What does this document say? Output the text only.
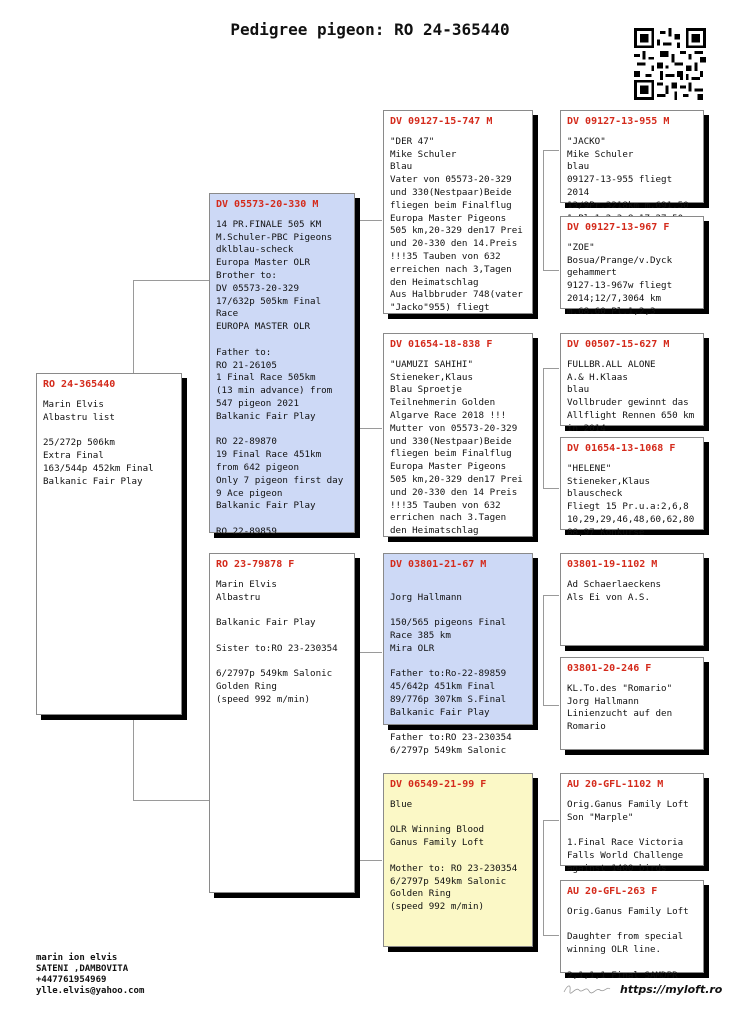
Pedigree pigeon: RO 24-365440
RO 24-365440
Marin Elvis
Albastru list

25/272p 506km
Extra Final
163/544p 452km Final
Balkanic Fair Play
DV 05573-20-330 M
14 PR.FINALE 505 KM
M.Schuler-PBC Pigeons
dklblau-scheck
Europa Master OLR
Brother to:
DV 05573-20-329
17/632p 505km Final Race
EUROPA MASTER OLR

Father to:
RO 21-26105
1 Final Race 505km
(13 min advance) from
547 pigeon 2021
Balkanic Fair Play

RO 22-89870
19 Final Race 451km
from 642 pigeon
Only 7 pigeon first day
9 Ace pigeon
Balkanic Fair Play

RO 22-89859
RO 23-79878 F
Marin Elvis
Albastru

Balkanic Fair Play

Sister to:RO 23-230354

6/2797p 549km Salonic
Golden Ring
(speed 992 m/min)
DV 09127-15-747 M
"DER 47"
Mike Schuler
Blau
Vater von 05573-20-329
und 330(Nestpaar)Beide
fliegen beim Finalflug
Europa Master Pigeons
505 km,20-329 den17 Prei
und 20-330 den 14.Preis
!!!35 Tauben von 632
erreichen nach 3,Tagen
den Heimatschlag
Aus Halbbruder 748(vater
"Jacko"955) fliegt
DV 01654-18-838 F
"UAMUZI SAHIHI"
Stieneker,Klaus
Blau Sproetje
Teilnehmerin Golden
Algarve Race 2018 !!!
Mutter von 05573-20-329
und 330(Nestpaar)Beide
fliegen beim Finalflug
Europa Master Pigeons
505 km,20-329 den17 Prei
und 20-330 den 14 Preis
!!!35 Tauben von 632
errichen nach 3.Tagen
den Heimatschlag
DV 03801-21-67 M

Jorg Hallmann

150/565 pigeons Final
Race 385 km
Mira OLR

Father to:Ro-22-89859
45/642p 451km Final
89/776p 307km S.Final
Balkanic Fair Play

Father to:RO 23-230354
6/2797p 549km Salonic
DV 06549-21-99 F
Blue

OLR Winning Blood
Ganus Family Loft

Mother to: RO 23-230354
6/2797p 549km Salonic
Golden Ring
(speed 992 m/min)
DV 09127-13-955 M
"JACKO"
Mike Schuler
blau
09127-13-955 fliegt 2014
13/9Pr.3218km m.691.50

DV 09127-13-967 F
"ZOE"
Bosua/Prange/v.Dyck
gehammert
9127-13-967w fliegt
2014;12/7,3064 km
m.68.60 Pl.1,2,3
DV 00507-15-627 M
FULLBR.ALL ALONE
A.& H.Klaas
blau
Vollbruder gewinnt das
Allflight Rennen 650 km
in 2014
DV 01654-13-1068 F
"HELENE"
Stieneker,Klaus
blauscheck
Fliegt 15 Pr.u.a:2,6,8
10,29,29,46,48,60,62,80
88,97 Konkurse
03801-19-1102 M
Ad Schaerlaeckens
Als Ei von A.S.
03801-20-246 F
KL.To.des "Romario"
Jorg Hallmann
Linienzucht auf den
Romario
AU 20-GFL-1102 M
Orig.Ganus Family Loft
Son "Marple"

1.Final Race Victoria
Falls World Challenge
against 1400 birds
AU 20-GFL-263 F
Orig.Ganus Family Loft

Daughter from special
winning OLR line.

2,1,1,1 Final SAMDPR
marin ion elvis
SATENI ,DAMBOVITA
+447761954969
ylle.elvis@yahoo.com	https://myloft.ro
